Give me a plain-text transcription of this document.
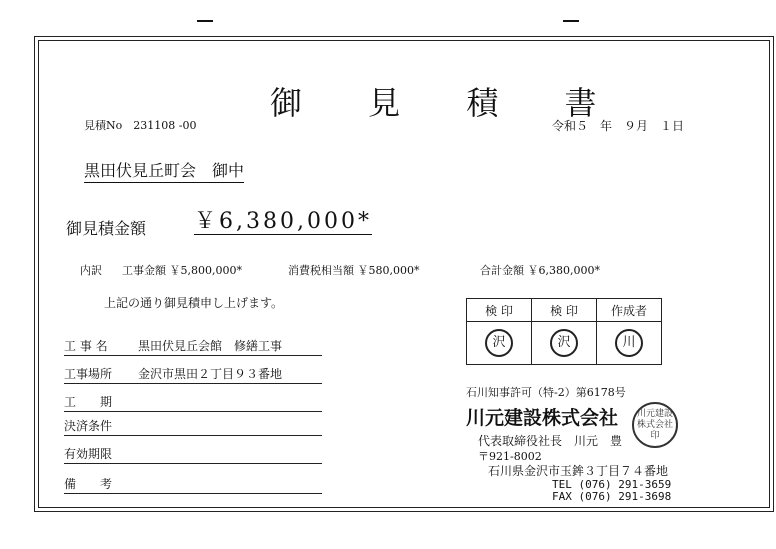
御 見 積 書
見積No　231108 -00	令和５　年　９月　１日
黒田伏見丘町会　御中
御見積金額 ￥6,380,000*
内訳 工事金額 ￥5,800,000*	消費税相当額 ￥580,000*	合計金額 ￥6,380,000*
上記の通り御見積申し上げます。
工 事 名	黒田伏見丘会館　修繕工事
工事場所 金沢市黒田２丁目９３番地
工　　期
決済条件
有効期限
備　　考
検 印	検 印	作成者
沢	沢	川
石川知事許可（特-2）第6178号
川元建設株式会社	川元建設株式会社印
代表取締役社長　川元　豊
〒921-8002
石川県金沢市玉鉾３丁目７４番地
TEL (076) 291-3659
FAX (076) 291-3698
